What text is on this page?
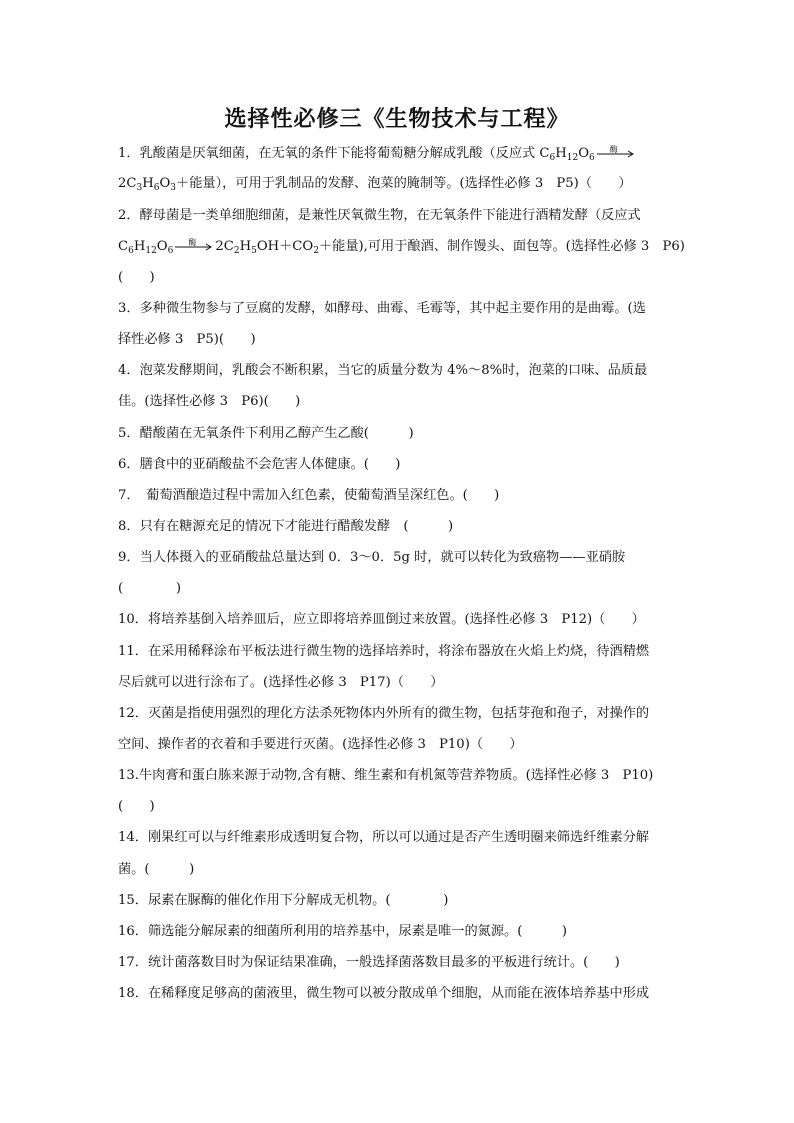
选择性必修三《生物技术与工程》
1．乳酸菌是厌氧细菌，在无氧的条件下能将葡萄糖分解成乳酸（反应式 $C_6H_{12}O_6$
酶
$2C_3H_6O_3+$能量），可用于乳制品的发酵、泡菜的腌制等。(选择性必修 3　P5)（　　）
2．酵母菌是一类单细胞细菌，是兼性厌氧微生物，在无氧条件下能进行酒精发酵（反应式
$C_6H_{12}O_6$
酶 $2C_2H_5OH+CO_2+$能量),可用于酿酒、制作馒头、面包等。(选择性必修 3　P6)
(　　)
3．多种微生物参与了豆腐的发酵，如酵母、曲霉、毛霉等，其中起主要作用的是曲霉。(选
择性必修 3　P5)(　　)
4．泡菜发酵期间，乳酸会不断积累，当它的质量分数为 4%～8%时，泡菜的口味、品质最
佳。(选择性必修 3　P6)(　　)
5．醋酸菌在无氧条件下利用乙醇产生乙酸(　　　)
6．膳食中的亚硝酸盐不会危害人体健康。(　　)
7．　葡萄酒酿造过程中需加入红色素，使葡萄酒呈深红色。(　　)
8．只有在糖源充足的情况下才能进行醋酸发酵　(　　　)
9．当人体摄入的亚硝酸盐总量达到 0．3～0．5g 时，就可以转化为致癌物——亚硝胺
(　　　　)
10．将培养基倒入培养皿后，应立即将培养皿倒过来放置。(选择性必修 3　P12)（　　）
11．在采用稀释涂布平板法进行微生物的选择培养时，将涂布器放在火焰上灼烧，待酒精燃
尽后就可以进行涂布了。(选择性必修 3　P17)（　　）
12．灭菌是指使用强烈的理化方法杀死物体内外所有的微生物，包括芽孢和孢子，对操作的
空间、操作者的衣着和手要进行灭菌。(选择性必修 3　P10)（　　）
13.牛肉膏和蛋白胨来源于动物,含有糖、维生素和有机氮等营养物质。(选择性必修 3　P10)
(　　)
14．刚果红可以与纤维素形成透明复合物，所以可以通过是否产生透明圈来筛选纤维素分解
菌。(　　　)
15．尿素在脲酶的催化作用下分解成无机物。(　　　　)
16．筛选能分解尿素的细菌所利用的培养基中，尿素是唯一的氮源。(　　　)
17．统计菌落数目时为保证结果准确，一般选择菌落数目最多的平板进行统计。(　　)
18．在稀释度足够高的菌液里，微生物可以被分散成单个细胞，从而能在液体培养基中形成
